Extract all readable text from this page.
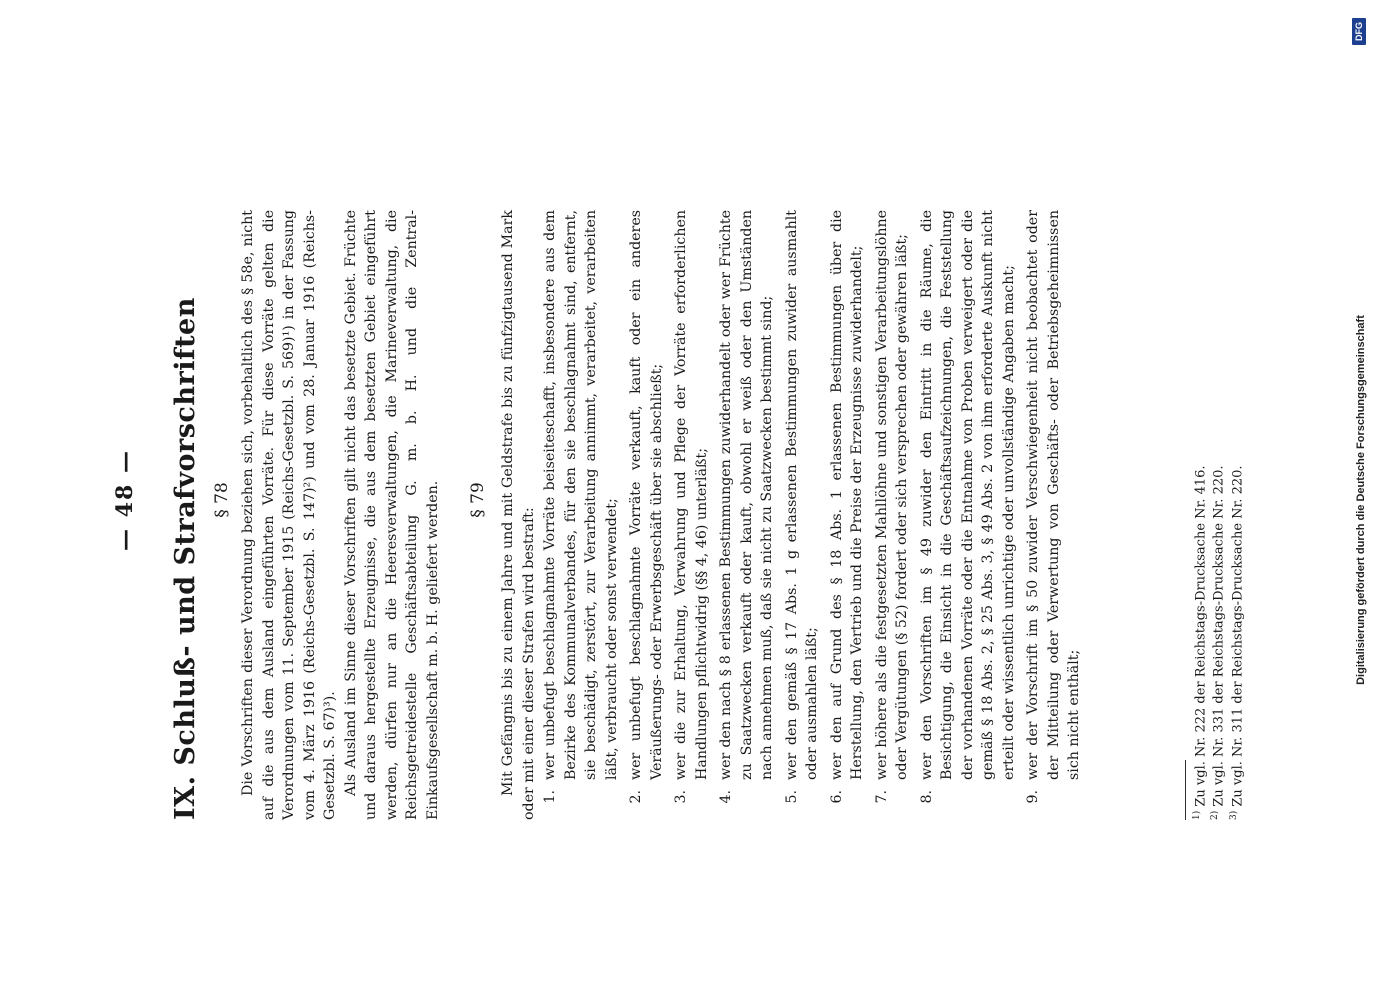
— 48 — IX. Schluß- und Strafvorschriften § 78 Die Vorschriften dieser Verordnung beziehen sich, vorbehaltlich des § 58e, nicht auf die aus dem Ausland eingeführten Vorräte. Für diese Vorräte gelten die Verordnungen vom 11. September 1915 (Reichs-Gesetzbl. S. 569)¹) in der Fassung vom 4. März 1916 (Reichs-Gesetzbl. S. 147)²) und vom 28. Januar 1916 (Reichs-Gesetzbl. S. 67)³). Als Ausland im Sinne dieser Vorschriften gilt nicht das besetzte Gebiet. Früchte und daraus hergestellte Erzeugnisse, die aus dem besetzten Gebiet eingeführt werden, dürfen nur an die Heeresverwaltungen, die Marineverwaltung, die Reichsgetreidestelle Geschäftsabteilung G. m. b. H. und die Zentral-Einkaufsgesellschaft m. b. H. geliefert werden. § 79 Mit Gefängnis bis zu einem Jahre und mit Geldstrafe bis zu fünfzigtausend Mark oder mit einer dieser Strafen wird bestraft: 1.
wer unbefugt beschlagnahmte Vorräte beiseiteschafft, insbesondere aus dem Bezirke des Kommunalverbandes, für den sie beschlagnahmt sind, entfernt, sie beschädigt, zerstört, zur Verarbeitung annimmt, verarbeitet, verarbeiten läßt, verbraucht oder sonst verwendet;
2.
wer unbefugt beschlagnahmte Vorräte verkauft, kauft oder ein anderes Veräußerungs- oder Erwerbsgeschäft über sie abschließt;
3.
wer die zur Erhaltung, Verwahrung und Pflege der Vorräte erforderlichen Handlungen pflichtwidrig (§§ 4, 46) unterläßt;
4.
wer den nach § 8 erlassenen Bestimmungen zuwiderhandelt oder wer Früchte zu Saatzwecken verkauft oder kauft, obwohl er weiß oder den Umständen nach annehmen muß, daß sie nicht zu Saatzwecken bestimmt sind;
5.
wer den gemäß § 17 Abs. 1 g erlassenen Bestimmungen zuwider ausmahlt oder ausmahlen läßt;
6.
wer den auf Grund des § 18 Abs. 1 erlassenen Bestimmungen über die Herstellung, den Vertrieb und die Preise der Erzeugnisse zuwiderhandelt;
7.
wer höhere als die festgesetzten Mahllöhne und sonstigen Verarbeitungslöhne oder Vergütungen (§ 52) fordert oder sich versprechen oder gewähren läßt;
8.
wer den Vorschriften im § 49 zuwider den Eintritt in die Räume, die Besichtigung, die Einsicht in die Geschäftsaufzeichnungen, die Feststellung der vorhandenen Vorräte oder die Entnahme von Proben verweigert oder die gemäß § 18 Abs. 2, § 25 Abs. 3, § 49 Abs. 2 von ihm erforderte Auskunft nicht erteilt oder wissentlich unrichtige oder unvollständige Angaben macht;
9.
wer der Vorschrift im § 50 zuwider Verschwiegenheit nicht beobachtet oder der Mitteilung oder Verwertung von Geschäfts- oder Betriebsgeheimnissen sich nicht enthält;
$^{1)}$ Zu vgl. Nr. 222 der Reichstags-Drucksache Nr. 416.
$^{2)}$ Zu vgl. Nr. 331 der Reichstags-Drucksache Nr. 220.
$^{3)}$ Zu vgl. Nr. 311 der Reichstags-Drucksache Nr. 220.	Digitalisierung gefördert durch die Deutsche Forschungsgemeinschaft
DFG
